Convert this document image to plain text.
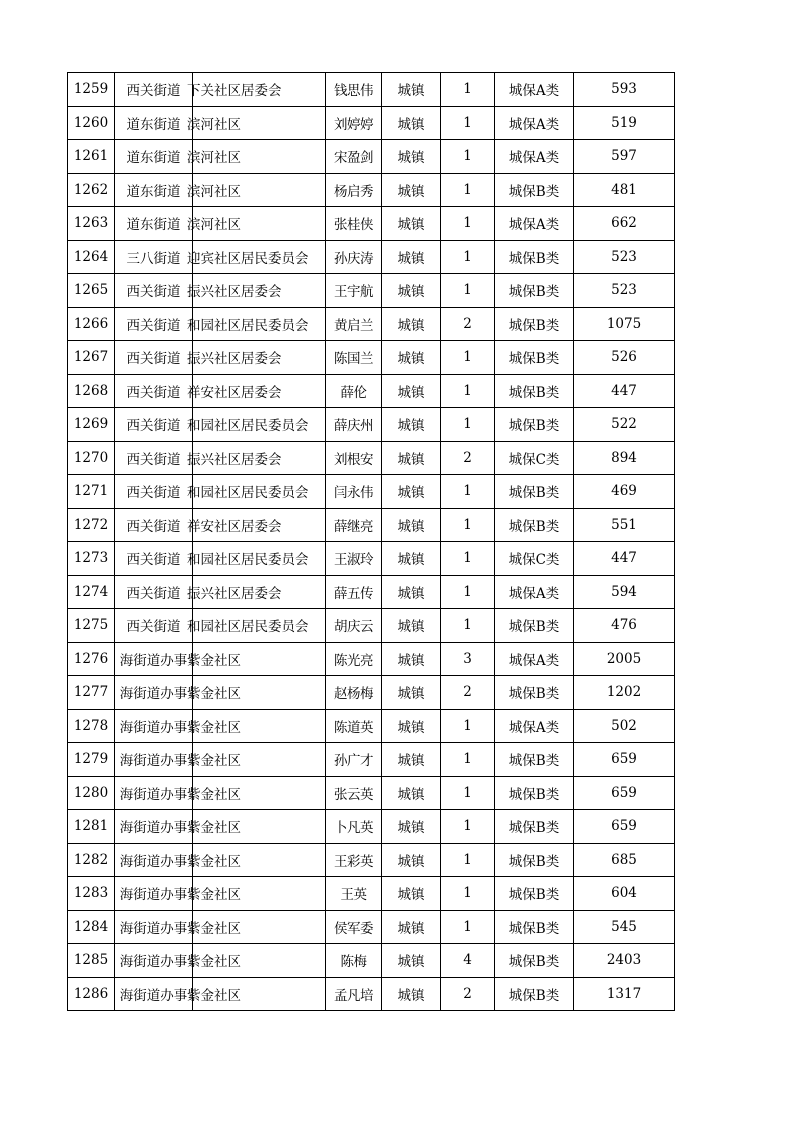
1259	西关街道	下关社区居委会	钱思伟	城镇	1	城保A类	593
1260	道东街道	滨河社区	刘婷婷	城镇	1	城保A类	519
1261	道东街道	滨河社区	宋盈剑	城镇	1	城保A类	597
1262	道东街道	滨河社区	杨启秀	城镇	1	城保B类	481
1263	道东街道	滨河社区	张桂侠	城镇	1	城保A类	662
1264	三八街道	迎宾社区居民委员会	孙庆涛	城镇	1	城保B类	523
1265	西关街道	振兴社区居委会	王宇航	城镇	1	城保B类	523
1266	西关街道	和园社区居民委员会	黄启兰	城镇	2	城保B类	1075
1267	西关街道	振兴社区居委会	陈国兰	城镇	1	城保B类	526
1268	西关街道	祥安社区居委会	薛伦	城镇	1	城保B类	447
1269	西关街道	和园社区居民委员会	薛庆州	城镇	1	城保B类	522
1270	西关街道	振兴社区居委会	刘根安	城镇	2	城保C类	894
1271	西关街道	和园社区居民委员会	闫永伟	城镇	1	城保B类	469
1272	西关街道	祥安社区居委会	薛继亮	城镇	1	城保B类	551
1273	西关街道	和园社区居民委员会	王淑玲	城镇	1	城保C类	447
1274	西关街道	振兴社区居委会	薛五传	城镇	1	城保A类	594
1275	西关街道	和园社区居民委员会	胡庆云	城镇	1	城保B类	476
1276	海街道办事	紫金社区	陈光亮	城镇	3	城保A类	2005
1277	海街道办事	紫金社区	赵杨梅	城镇	2	城保B类	1202
1278	海街道办事	紫金社区	陈道英	城镇	1	城保A类	502
1279	海街道办事	紫金社区	孙广才	城镇	1	城保B类	659
1280	海街道办事	紫金社区	张云英	城镇	1	城保B类	659
1281	海街道办事	紫金社区	卜凡英	城镇	1	城保B类	659
1282	海街道办事	紫金社区	王彩英	城镇	1	城保B类	685
1283	海街道办事	紫金社区	王英	城镇	1	城保B类	604
1284	海街道办事	紫金社区	侯军委	城镇	1	城保B类	545
1285	海街道办事	紫金社区	陈梅	城镇	4	城保B类	2403
1286	海街道办事	紫金社区	孟凡培	城镇	2	城保B类	1317
